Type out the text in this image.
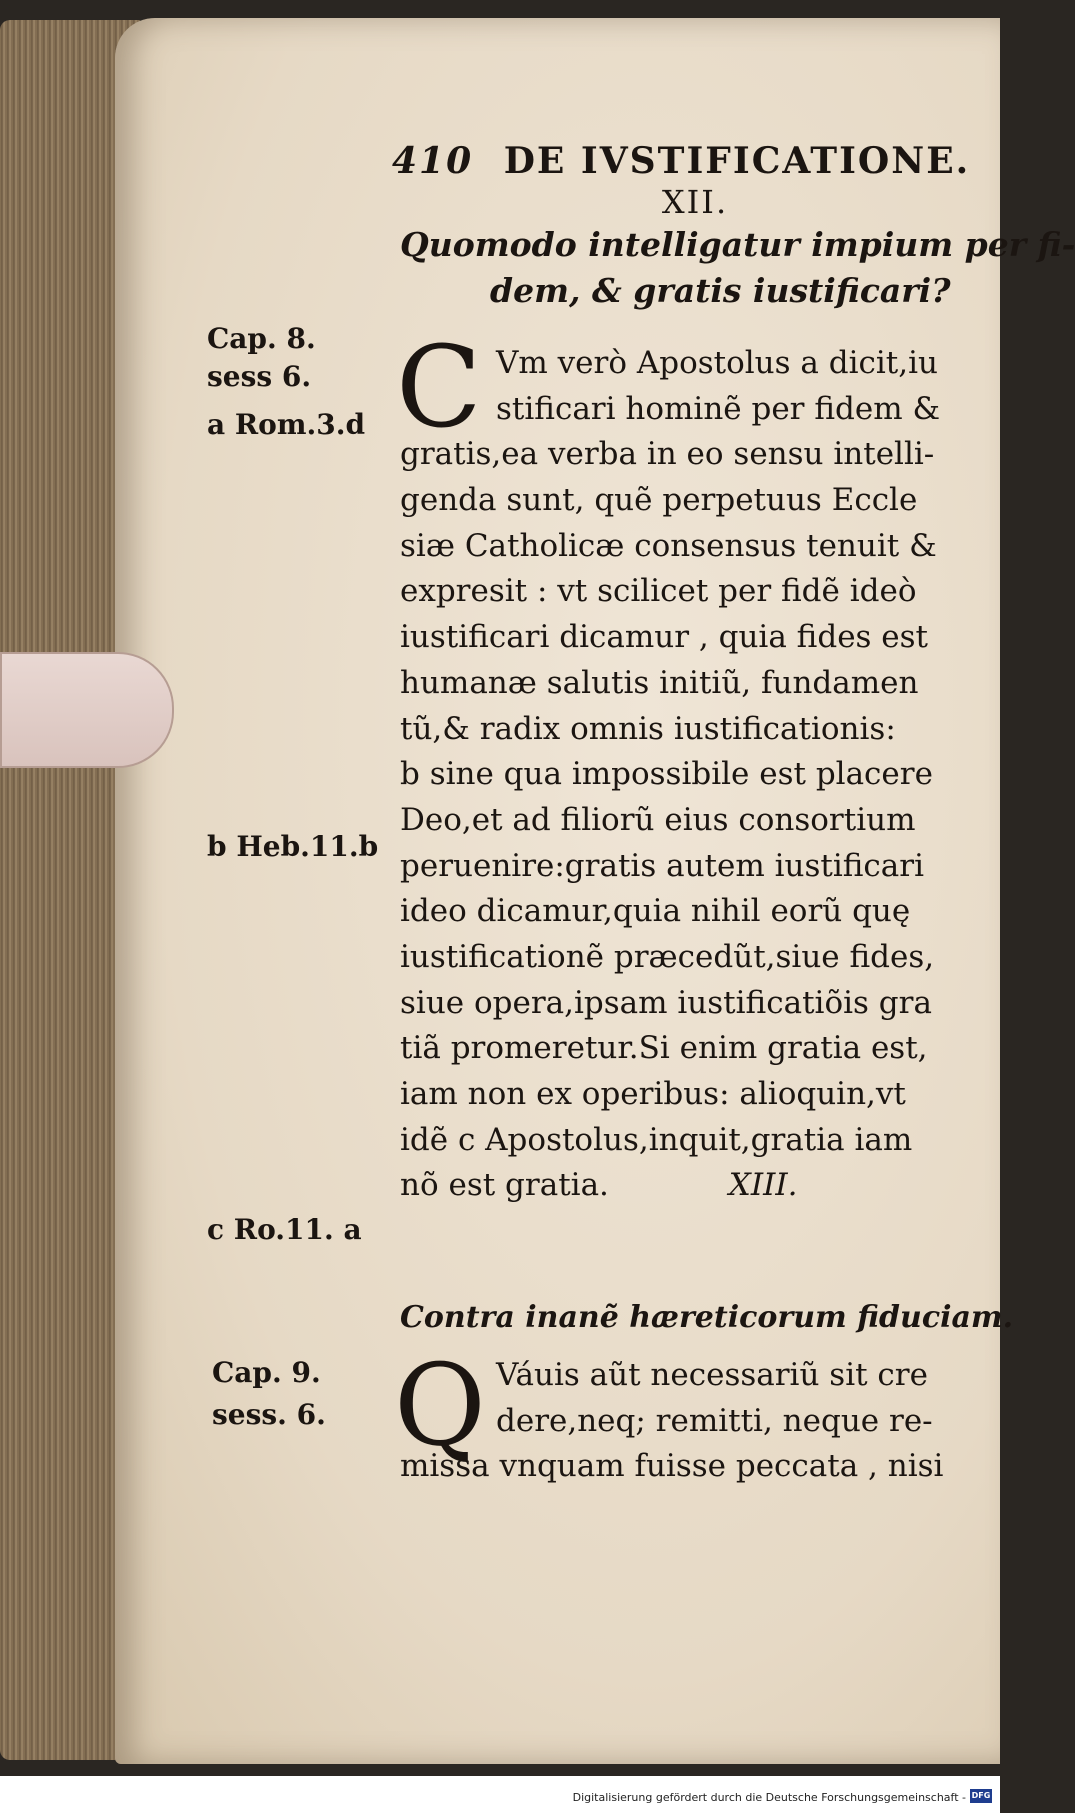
410 DE IVSTIFICATIONE.
XII.
Quomodo intelligatur impium per fi-
dem, & gratis iustificari?
C Vm verò Apostolus a dicit,iu
stificari hominẽ per fidem &
gratis,ea verba in eo sensu intelli-
genda sunt, quẽ perpetuus Eccle
siæ Catholicæ consensus tenuit &
expresit : vt scilicet per fidẽ ideò
iustificari dicamur , quia fides est
humanæ salutis initiũ, fundamen
tũ,& radix omnis iustificationis:
b sine qua impossibile est placere
Deo,et ad filiorũ eius consortium
peruenire:gratis autem iustificari
ideo dicamur,quia nihil eorũ quę
iustificationẽ præcedũt,siue fides,
siue opera,ipsam iustificatiõis gra
tiã promeretur.Si enim gratia est,
iam non ex operibus: alioquin,vt
idẽ c Apostolus,inquit,gratia iam
nõ est gratia.	XIII.
Contra inanẽ hæreticorum fiduciam.
Q Váuis aũt necessariũ sit cre
dere,neq; remitti, neque re-
missa vnquam fuisse peccata , nisi
Cap. 8.
sess 6.
a Rom.3.d
b Heb.11.b
c Ro.11. a
Cap. 9.
sess. 6.
Digitalisierung gefördert durch die Deutsche Forschungsgemeinschaft - DFG
